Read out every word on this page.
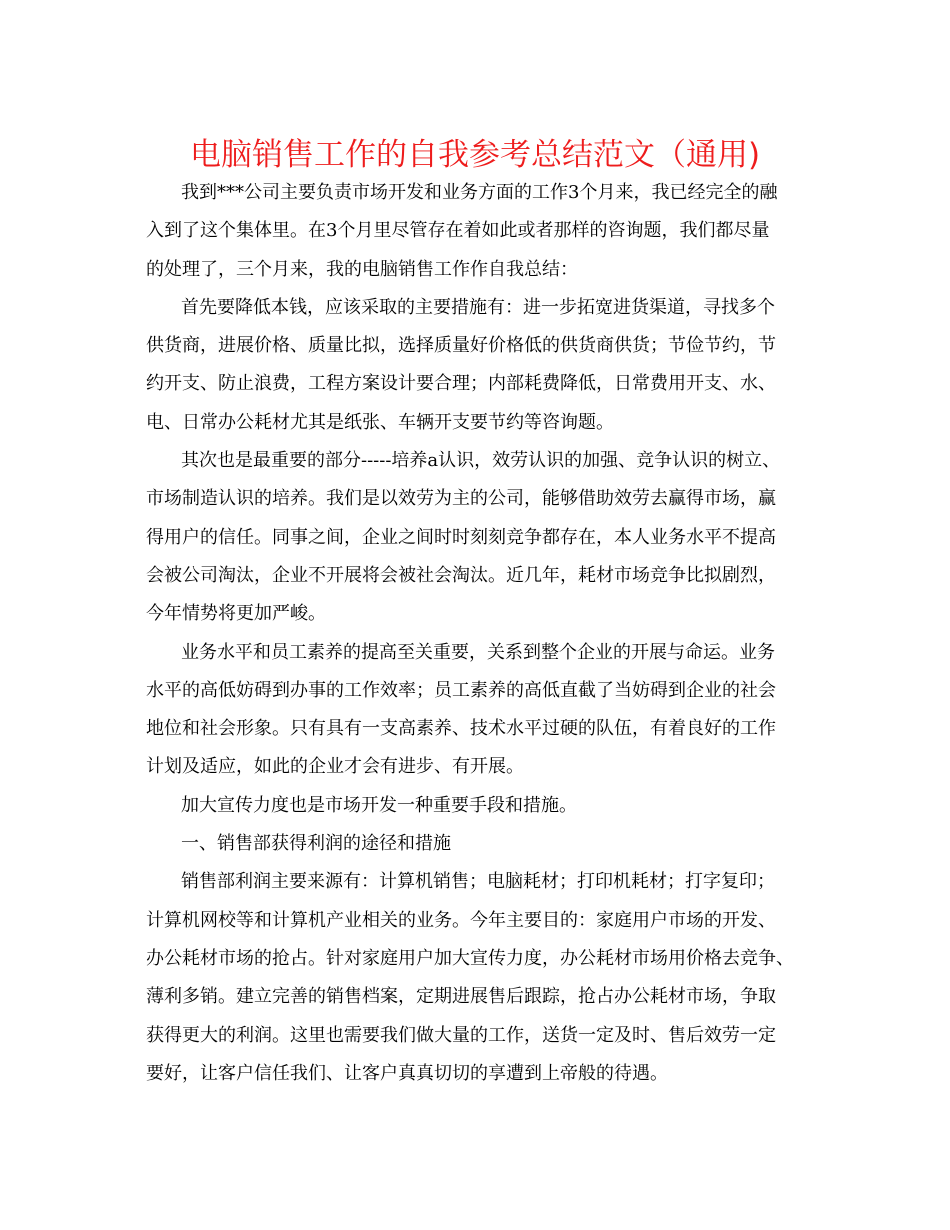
电脑销售工作的自我参考总结范文（通用)
我到***公司主要负责市场开发和业务方面的工作3个月来，我已经完全的融
入到了这个集体里。在3个月里尽管存在着如此或者那样的咨询题，我们都尽量
的处理了，三个月来，我的电脑销售工作作自我总结：
首先要降低本钱，应该采取的主要措施有：进一步拓宽进货渠道，寻找多个
供货商，进展价格、质量比拟，选择质量好价格低的供货商供货；节俭节约，节
约开支、防止浪费，工程方案设计要合理；内部耗费降低，日常费用开支、水、
电、日常办公耗材尤其是纸张、车辆开支要节约等咨询题。
其次也是最重要的部分-----培养a认识，效劳认识的加强、竞争认识的树立、
市场制造认识的培养。我们是以效劳为主的公司，能够借助效劳去赢得市场，赢
得用户的信任。同事之间，企业之间时时刻刻竞争都存在，本人业务水平不提高
会被公司淘汰，企业不开展将会被社会淘汰。近几年，耗材市场竞争比拟剧烈，
今年情势将更加严峻。
业务水平和员工素养的提高至关重要，关系到整个企业的开展与命运。业务
水平的高低妨碍到办事的工作效率；员工素养的高低直截了当妨碍到企业的社会
地位和社会形象。只有具有一支高素养、技术水平过硬的队伍，有着良好的工作
计划及适应，如此的企业才会有进步、有开展。
加大宣传力度也是市场开发一种重要手段和措施。
一、销售部获得利润的途径和措施
销售部利润主要来源有：计算机销售；电脑耗材；打印机耗材；打字复印；
计算机网校等和计算机产业相关的业务。今年主要目的：家庭用户市场的开发、
办公耗材市场的抢占。针对家庭用户加大宣传力度，办公耗材市场用价格去竞争、
薄利多销。建立完善的销售档案，定期进展售后跟踪，抢占办公耗材市场，争取
获得更大的利润。这里也需要我们做大量的工作，送货一定及时、售后效劳一定
要好，让客户信任我们、让客户真真切切的享遭到上帝般的待遇。
